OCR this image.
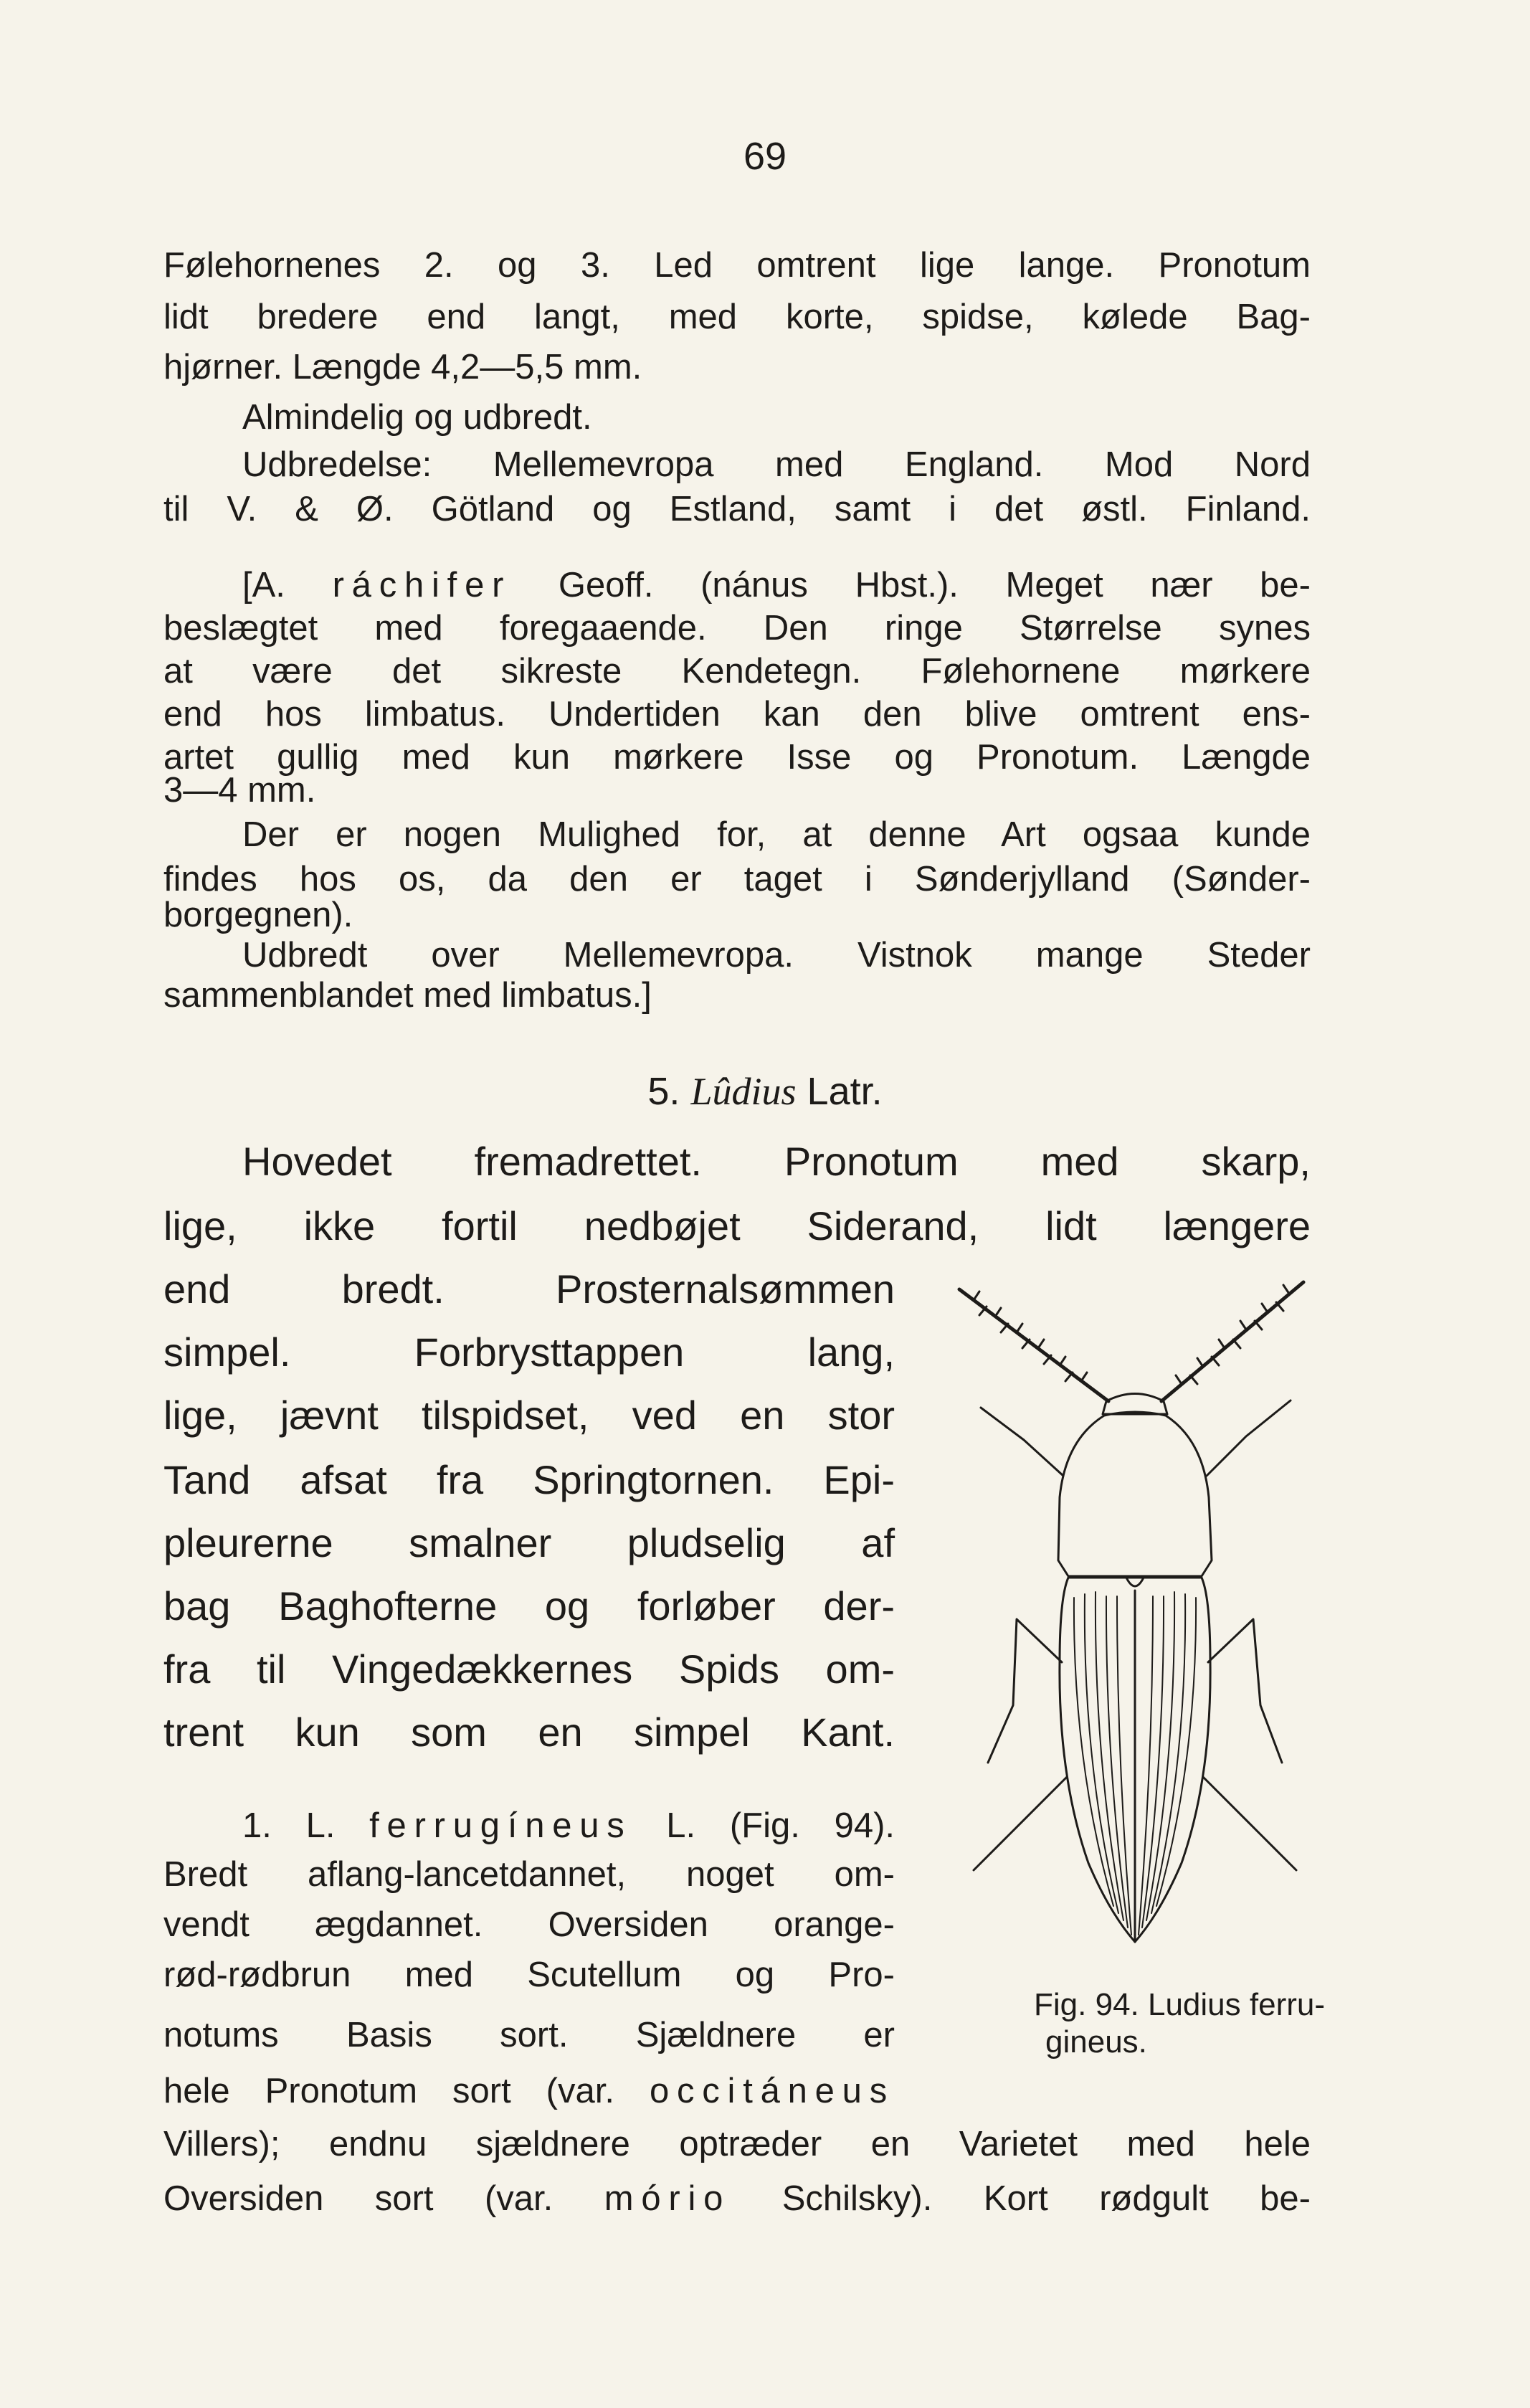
69
Følehornenes 2. og 3. Led omtrent lige lange. Pronotum
lidt bredere end langt, med korte, spidse, kølede Bag-
hjørner. Længde 4,2—5,5 mm.
Almindelig og udbredt.
Udbredelse: Mellemevropa med England. Mod Nord
til V. & Ø. Götland og Estland, samt i det østl. Finland.
[A. ráchifer Geoff. (nánus Hbst.). Meget nær be-
beslægtet med foregaaende. Den ringe Størrelse synes
at være det sikreste Kendetegn. Følehornene mørkere
end hos limbatus. Undertiden kan den blive omtrent ens-
artet gullig med kun mørkere Isse og Pronotum. Længde
3—4 mm.
Der er nogen Mulighed for, at denne Art ogsaa kunde
findes hos os, da den er taget i Sønderjylland (Sønder-
borgegnen).
Udbredt over Mellemevropa. Vistnok mange Steder
sammenblandet med limbatus.]
5. Lûdius Latr.
Hovedet fremadrettet. Pronotum med skarp,
lige, ikke fortil nedbøjet Siderand, lidt længere
end bredt. Prosternalsømmen
simpel. Forbrysttappen lang,
lige, jævnt tilspidset, ved en stor
Tand afsat fra Springtornen. Epi-
pleurerne smalner pludselig af
bag Baghofterne og forløber der-
fra til Vingedækkernes Spids om-
trent kun som en simpel Kant.
1. L. ferrugíneus L. (Fig. 94).
Bredt aflang-lancetdannet, noget om-
vendt ægdannet. Oversiden orange-
rød-rødbrun med Scutellum og Pro-
notums Basis sort. Sjældnere er
hele Pronotum sort (var. occitáneus
Villers); endnu sjældnere optræder en Varietet med hele
Oversiden sort (var. mório Schilsky). Kort rødgult be-
Fig. 94. Ludius ferru-
gineus.
